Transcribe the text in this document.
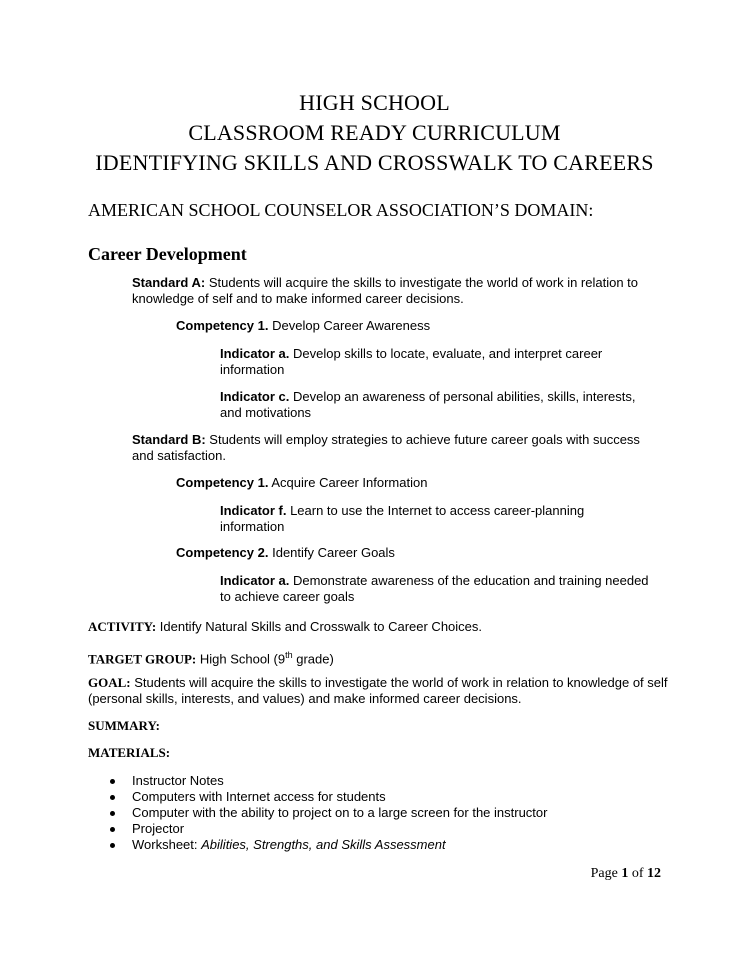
HIGH SCHOOL
CLASSROOM READY CURRICULUM
IDENTIFYING SKILLS AND CROSSWALK TO CAREERS
AMERICAN SCHOOL COUNSELOR ASSOCIATION’S DOMAIN:
Career Development
Standard A: Students will acquire the skills to investigate the world of work in relation to knowledge of self and to make informed career decisions.
Competency 1. Develop Career Awareness
Indicator a. Develop skills to locate, evaluate, and interpret career information
Indicator c. Develop an awareness of personal abilities, skills, interests, and motivations
Standard B: Students will employ strategies to achieve future career goals with success and satisfaction.
Competency 1. Acquire Career Information
Indicator f. Learn to use the Internet to access career-planning information
Competency 2. Identify Career Goals
Indicator a. Demonstrate awareness of the education and training needed to achieve career goals
ACTIVITY: Identify Natural Skills and Crosswalk to Career Choices.
TARGET GROUP: High School (9th grade)
GOAL: Students will acquire the skills to investigate the world of work in relation to knowledge of self (personal skills, interests, and values) and make informed career decisions.
SUMMARY:
MATERIALS:
Instructor Notes
Computers with Internet access for students
Computer with the ability to project on to a large screen for the instructor
Projector
Worksheet: Abilities, Strengths, and Skills Assessment
Page 1 of 12
